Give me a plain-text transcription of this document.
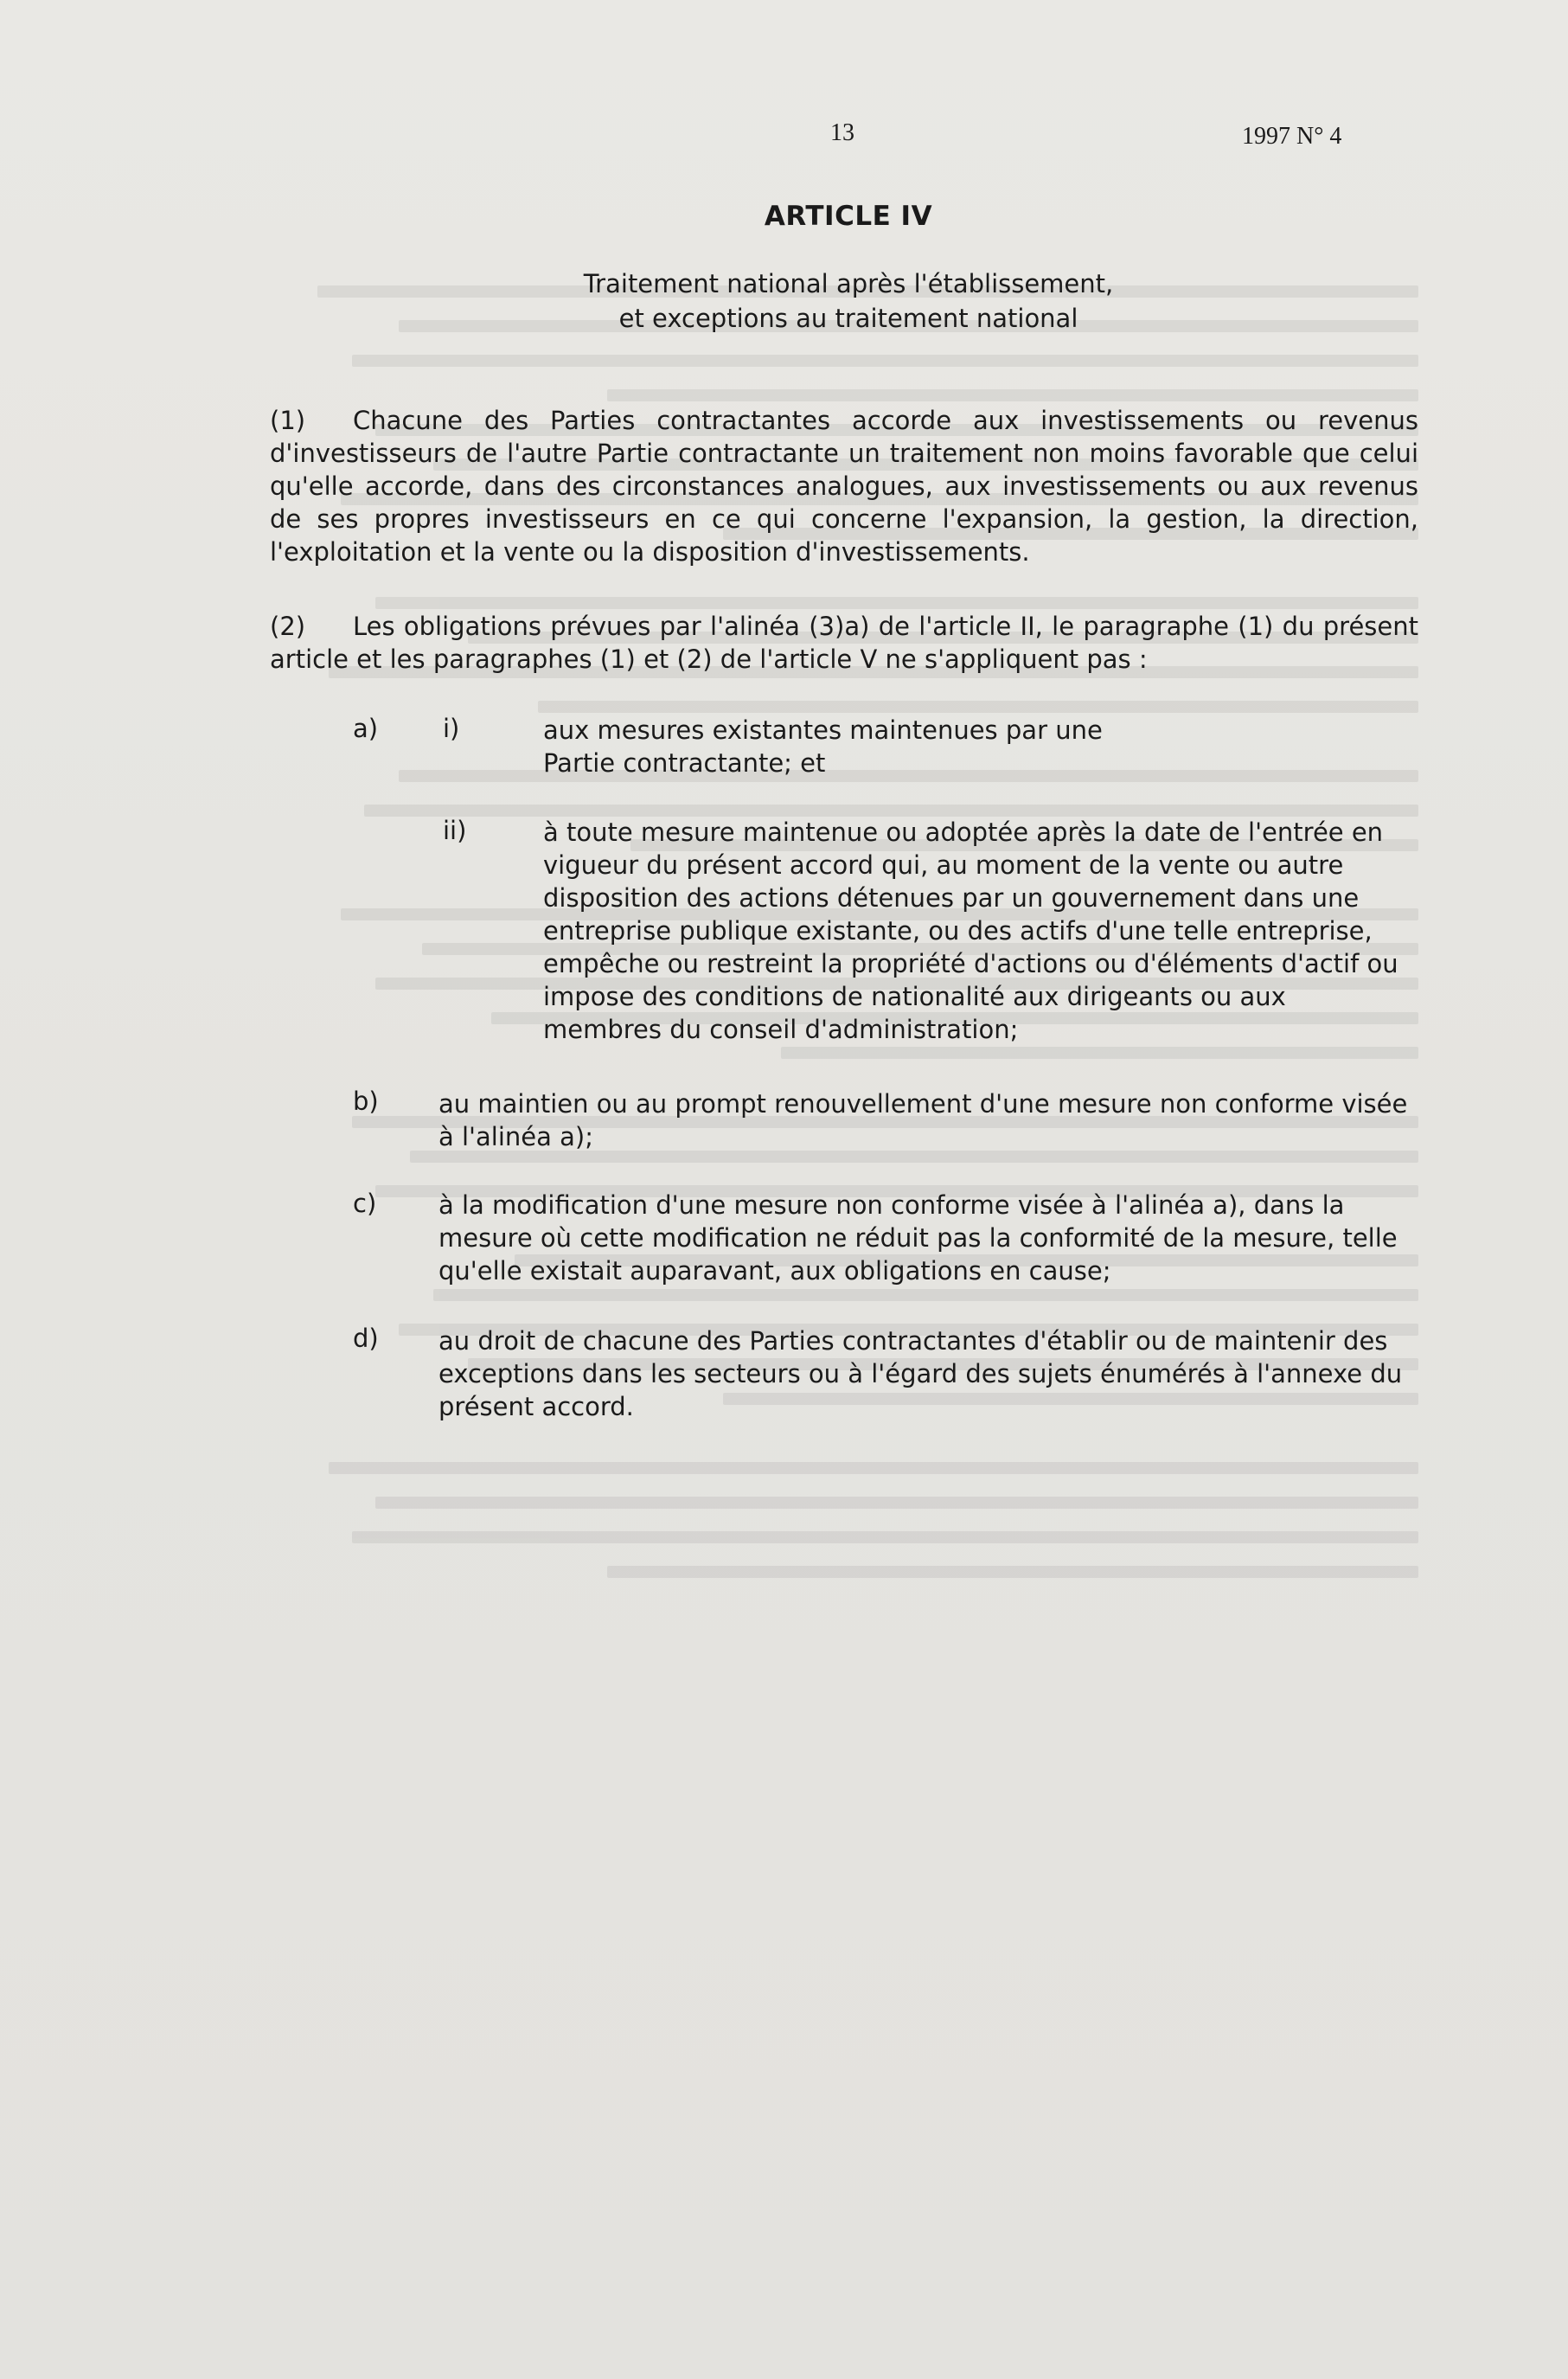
13	1997 N° 4
ARTICLE IV
Traitement national après l'établissement,
et exceptions au traitement national
(1) Chacune des Parties contractantes accorde aux investissements ou revenus d'investisseurs de l'autre Partie contractante un traitement non moins favorable que celui qu'elle accorde, dans des circonstances analogues, aux investissements ou aux revenus de ses propres investisseurs en ce qui concerne l'expansion, la gestion, la direction, l'exploitation et la vente ou la disposition d'investissements.
(2) Les obligations prévues par l'alinéa (3)a) de l'article II, le paragraphe (1) du présent article et les paragraphes (1) et (2) de l'article V ne s'appliquent pas :
a)	i)	aux mesures existantes maintenues par une Partie contractante; et
ii)	à toute mesure maintenue ou adoptée après la date de l'entrée en vigueur du présent accord qui, au moment de la vente ou autre disposition des actions détenues par un gouvernement dans une entreprise publique existante, ou des actifs d'une telle entreprise, empêche ou restreint la propriété d'actions ou d'éléments d'actif ou impose des conditions de nationalité aux dirigeants ou aux membres du conseil d'administration;
b) au maintien ou au prompt renouvellement d'une mesure non conforme visée à l'alinéa a);
c) à la modification d'une mesure non conforme visée à l'alinéa a), dans la mesure où cette modification ne réduit pas la conformité de la mesure, telle qu'elle existait auparavant, aux obligations en cause;
d) au droit de chacune des Parties contractantes d'établir ou de maintenir des exceptions dans les secteurs ou à l'égard des sujets énumérés à l'annexe du présent accord.
